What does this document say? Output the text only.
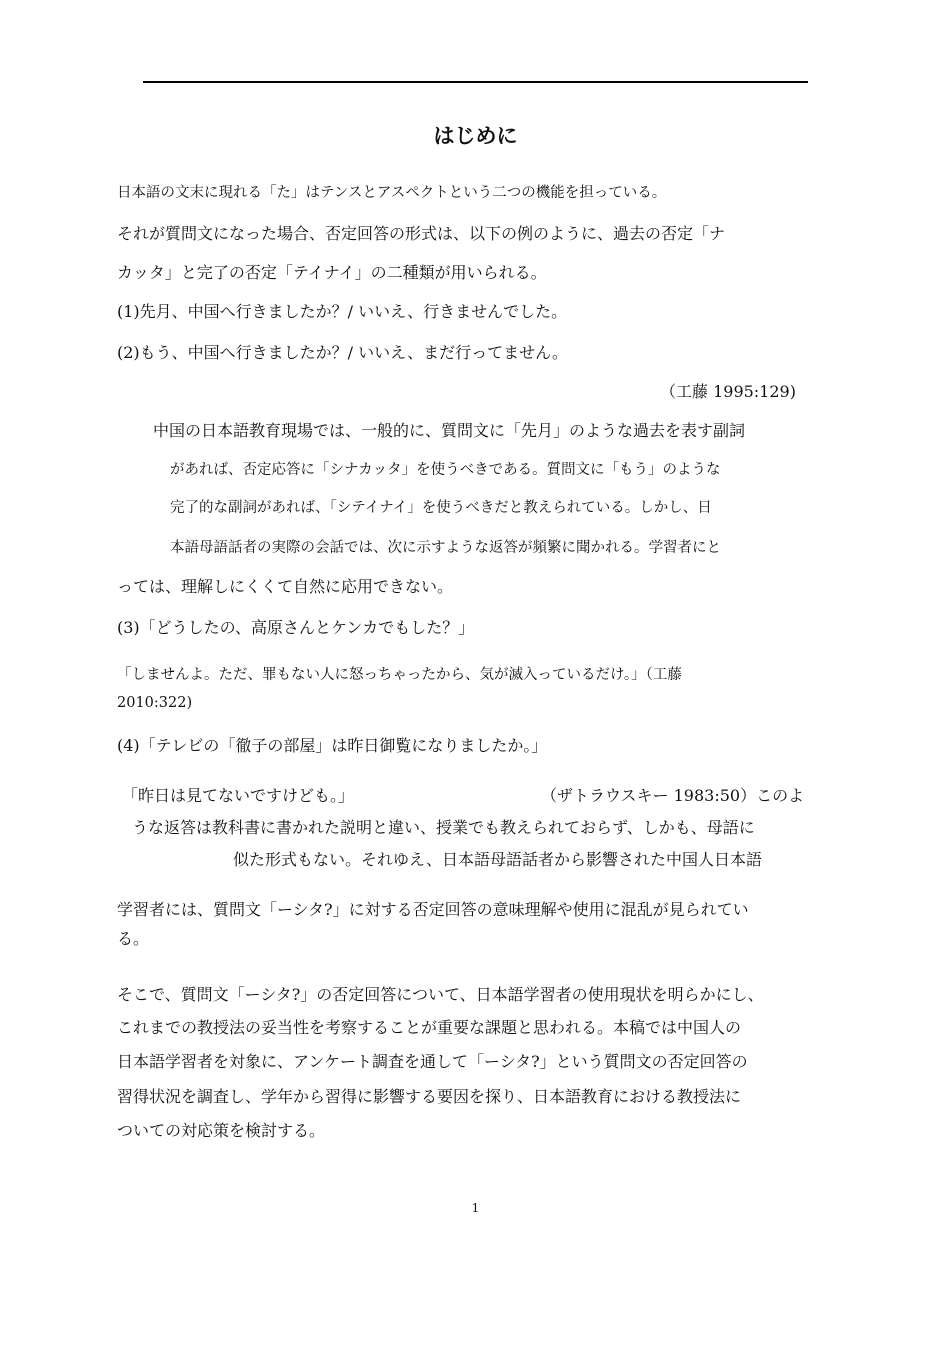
はじめに
日本語の文末に現れる「た」はテンスとアスペクトという二つの機能を担っている。
それが質問文になった場合、否定回答の形式は、以下の例のように、過去の否定「ナ
カッタ」と完了の否定「テイナイ」の二種類が用いられる。
(1)先月、中国へ行きましたか？/ いいえ、行きませんでした。
(2)もう、中国へ行きましたか？/ いいえ、まだ行ってません。
（工藤 1995:129)
中国の日本語教育現場では、一般的に、質問文に「先月」のような過去を表す副詞
があれば、否定応答に「シナカッタ」を使うべきである。質問文に「もう」のような
完了的な副詞があれば、「シテイナイ」を使うべきだと教えられている。しかし、日
本語母語話者の実際の会話では、次に示すような返答が頻繁に聞かれる。学習者にと
っては、理解しにくくて自然に応用できない。
(3)「どうしたの、高原さんとケンカでもした？」
「しませんよ。ただ、罪もない人に怒っちゃったから、気が滅入っているだけ。」（工藤
2010:322)
(4)「テレビの「徹子の部屋」は昨日御覧になりましたか。」
「昨日は見てないですけども。」	（ザトラウスキー 1983:50）このよ
うな返答は教科書に書かれた説明と違い、授業でも教えられておらず、しかも、母語に
似た形式もない。それゆえ、日本語母語話者から影響された中国人日本語
学習者には、質問文「ーシタ?」に対する否定回答の意味理解や使用に混乱が見られてい
る。
そこで、質問文「ーシタ?」の否定回答について、日本語学習者の使用現状を明らかにし、
これまでの教授法の妥当性を考察することが重要な課題と思われる。本稿では中国人の
日本語学習者を対象に、アンケート調査を通して「ーシタ?」という質問文の否定回答の
習得状況を調査し、学年から習得に影響する要因を探り、日本語教育における教授法に
ついての対応策を検討する。
1
